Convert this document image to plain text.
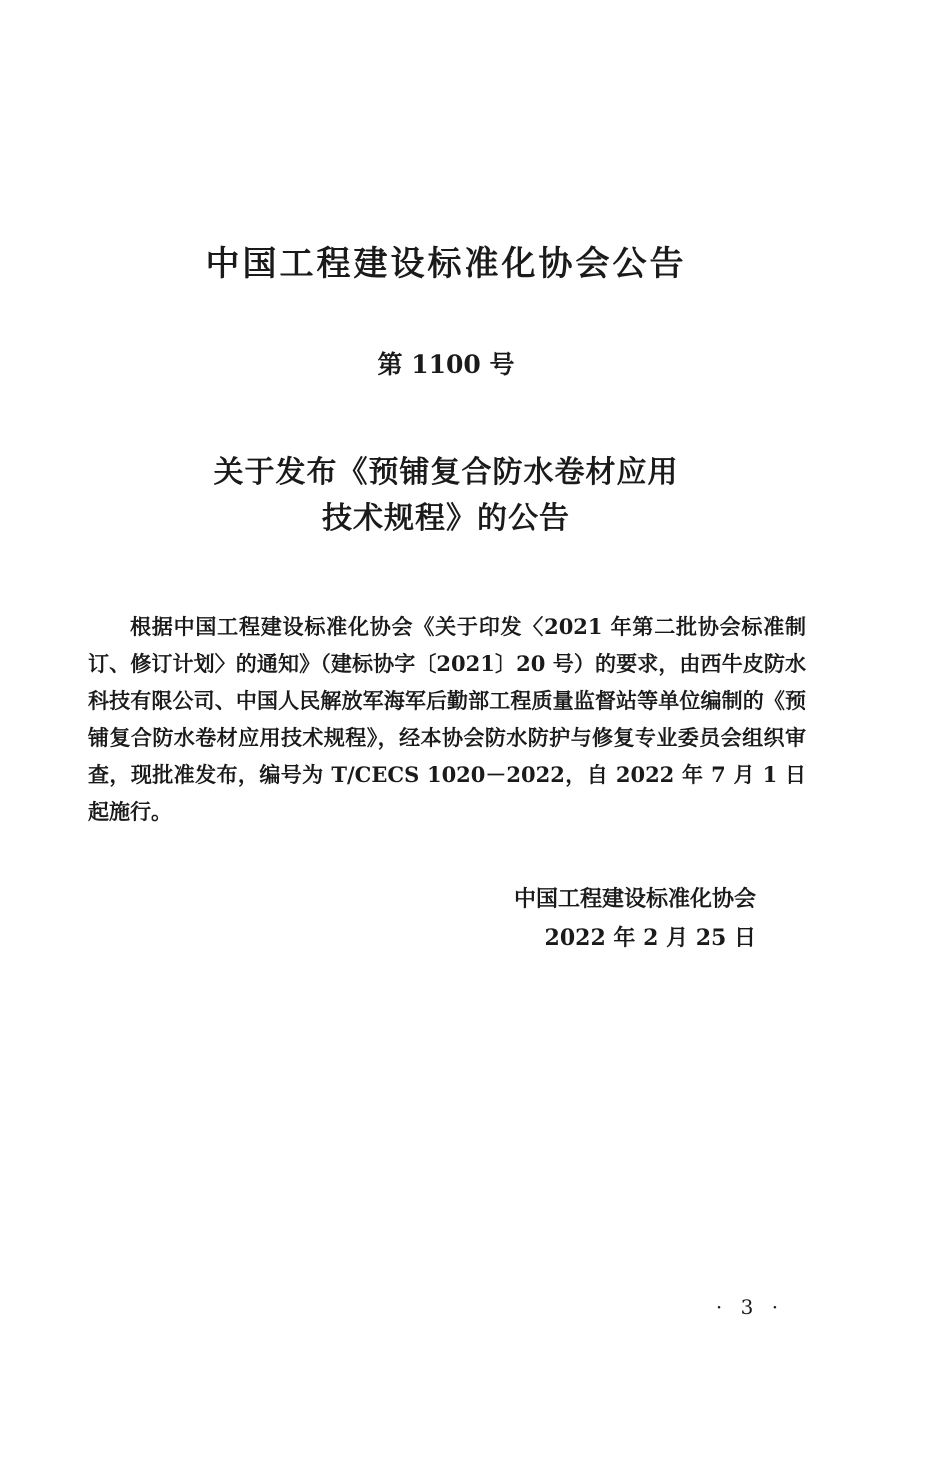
中国工程建设标准化协会公告
第 1100 号
关于发布《预铺复合防水卷材应用
技术规程》的公告

根据中国工程建设标准化协会《关于印发〈2021 年第二批协会标准制订、修订计划〉的通知》（建标协字〔2021〕20 号）的要求，由西牛皮防水科技有限公司、中国人民解放军海军后勤部工程质量监督站等单位编制的《预铺复合防水卷材应用技术规程》，经本协会防水防护与修复专业委员会组织审查，现批准发布，编号为 T/CECS 1020－2022，自 2022 年 7 月 1 日起施行。

中国工程建设标准化协会
2022 年 2 月 25 日
· 3 ·
